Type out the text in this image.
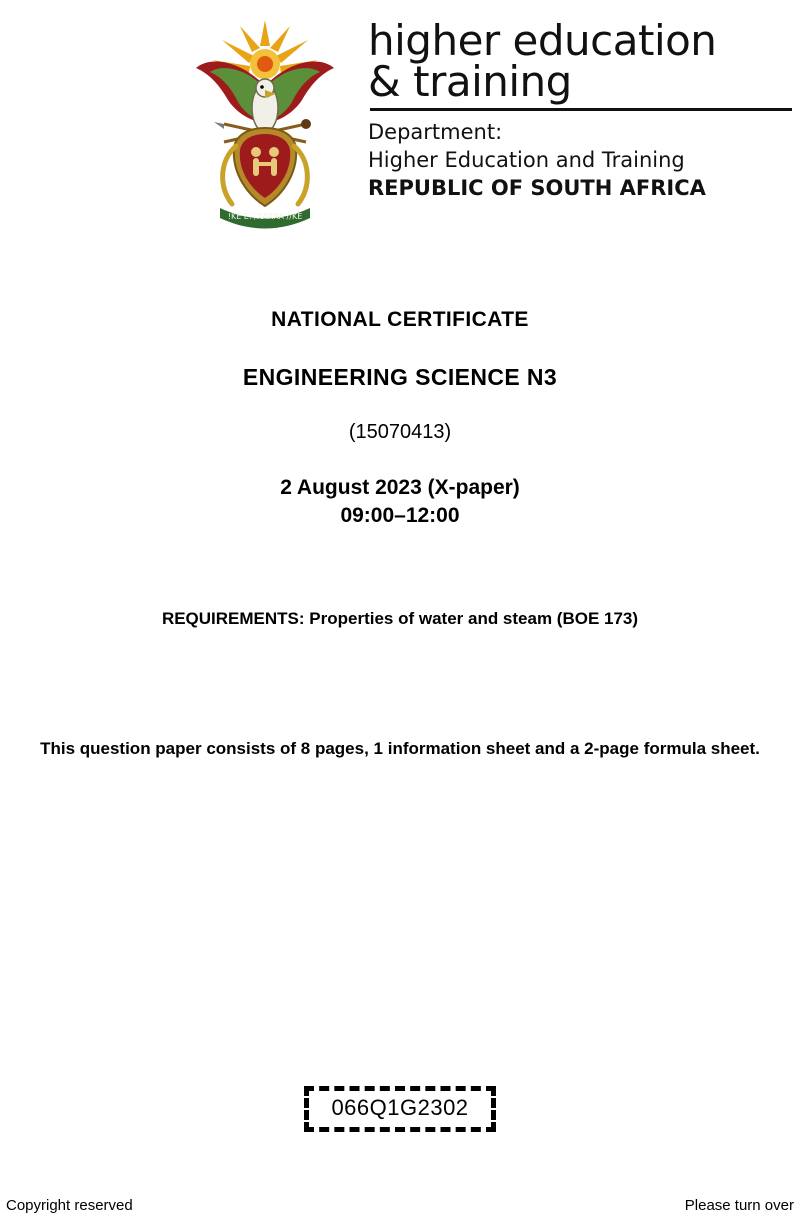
!KE E: /XARRA //KE
higher education
& training
Department:
Higher Education and Training
REPUBLIC OF SOUTH AFRICA
NATIONAL CERTIFICATE
ENGINEERING SCIENCE N3
(15070413)
2 August 2023 (X-paper)
09:00–12:00
REQUIREMENTS: Properties of water and steam (BOE 173)
This question paper consists of 8 pages, 1 information sheet and a 2-page formula sheet.
066Q1G2302
Copyright reserved	Please turn over
